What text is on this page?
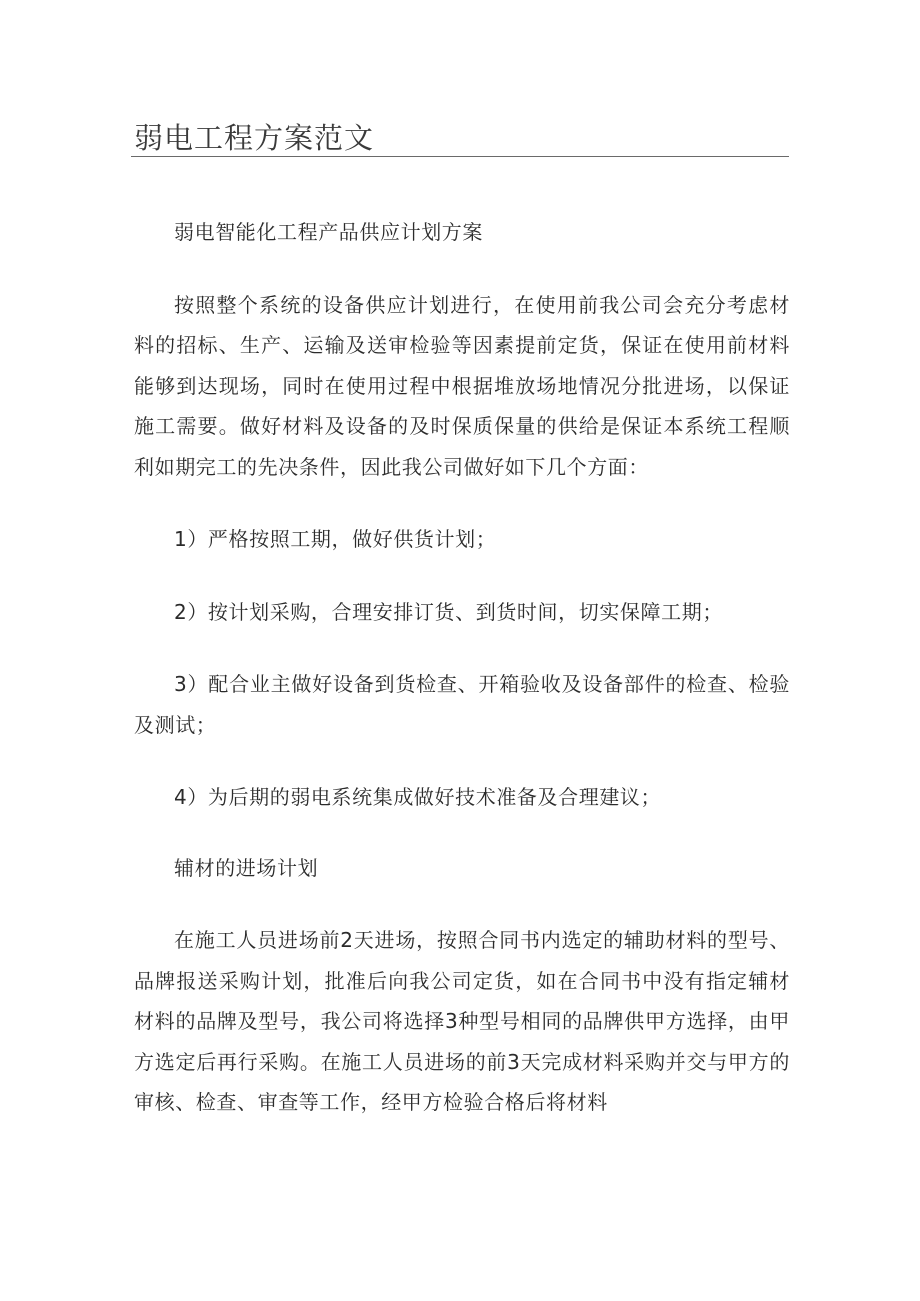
弱电工程方案范文

弱电智能化工程产品供应计划方案

按照整个系统的设备供应计划进行，在使用前我公司会充分考虑材料的招标、生产、运输及送审检验等因素提前定货，保证在使用前材料能够到达现场，同时在使用过程中根据堆放场地情况分批进场，以保证施工需要。做好材料及设备的及时保质保量的供给是保证本系统工程顺利如期完工的先决条件，因此我公司做好如下几个方面：

1）严格按照工期，做好供货计划；

2）按计划采购，合理安排订货、到货时间，切实保障工期；

3）配合业主做好设备到货检查、开箱验收及设备部件的检查、检验及测试；

4）为后期的弱电系统集成做好技术准备及合理建议；

辅材的进场计划

在施工人员进场前2天进场，按照合同书内选定的辅助材料的型号、品牌报送采购计划，批准后向我公司定货，如在合同书中没有指定辅材材料的品牌及型号，我公司将选择3种型号相同的品牌供甲方选择，由甲方选定后再行采购。在施工人员进场的前3天完成材料采购并交与甲方的审核、检查、审查等工作，经甲方检验合格后将材料
